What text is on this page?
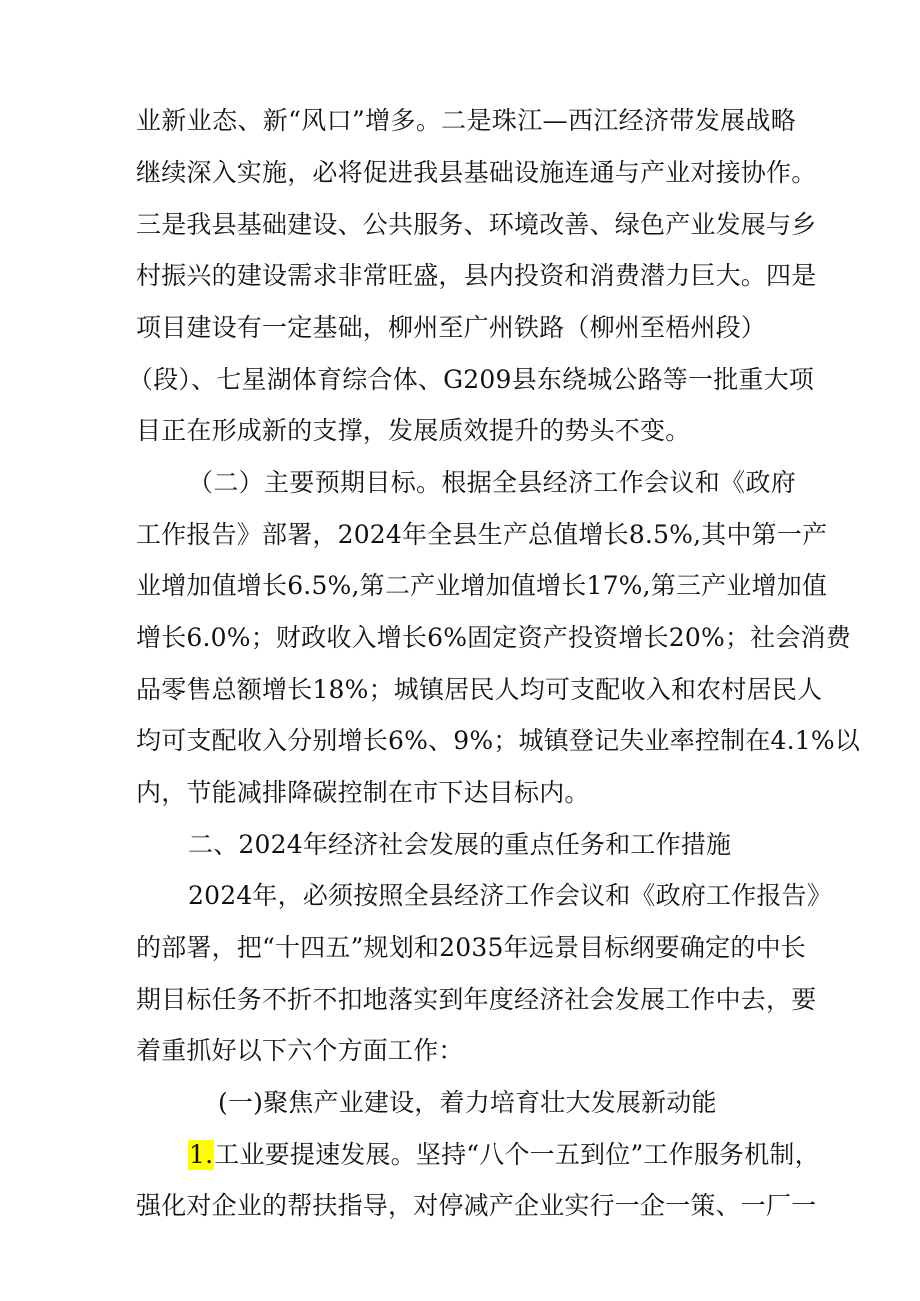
业新业态、新“风口”增多。二是珠江—西江经济带发展战略
继续深入实施，必将促进我县基础设施连通与产业对接协作。
三是我县基础建设、公共服务、环境改善、绿色产业发展与乡
村振兴的建设需求非常旺盛，县内投资和消费潜力巨大。四是
项目建设有一定基础，柳州至广州铁路（柳州至梧州段）
（段）、七星湖体育综合体、G209县东绕城公路等一批重大项
目正在形成新的支撑，发展质效提升的势头不变。
（二）主要预期目标。根据全县经济工作会议和《政府
工作报告》部署，2024年全县生产总值增长8.5%,其中第一产
业增加值增长6.5%,第二产业增加值增长17%,第三产业增加值
增长6.0%；财政收入增长6%固定资产投资增长20%；社会消费
品零售总额增长18%；城镇居民人均可支配收入和农村居民人
均可支配收入分别增长6%、9%；城镇登记失业率控制在4.1%以
内，节能减排降碳控制在市下达目标内。
二、2024年经济社会发展的重点任务和工作措施
2024年，必须按照全县经济工作会议和《政府工作报告》
的部署，把“十四五”规划和2035年远景目标纲要确定的中长
期目标任务不折不扣地落实到年度经济社会发展工作中去，要
着重抓好以下六个方面工作：
(一)聚焦产业建设，着力培育壮大发展新动能
1. 工业要提速发展。坚持“八个一五到位”工作服务机制，
强化对企业的帮扶指导，对停减产企业实行一企一策、一厂一
